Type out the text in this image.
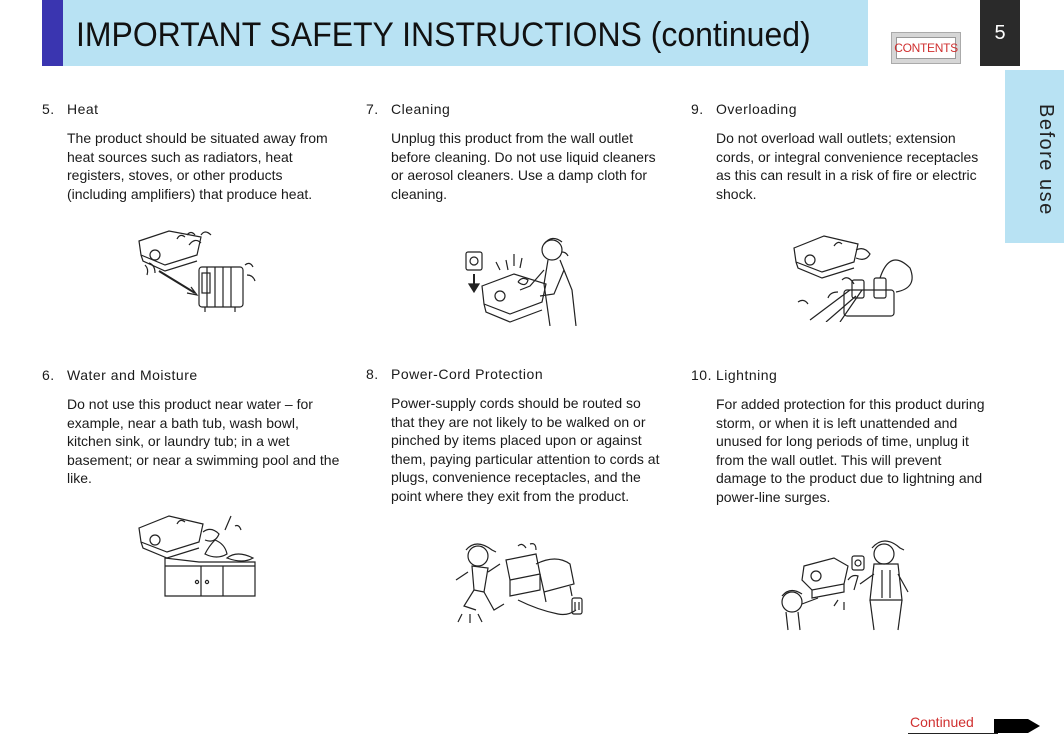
IMPORTANT SAFETY INSTRUCTIONS (continued)	CONTENTS
5
Before use
5. Heat
The product should be situated away from heat sources such as radiators, heat registers, stoves, or other products (including amplifiers) that produce heat.
6. Water and Moisture
Do not use this product near water – for example, near a bath tub, wash bowl, kitchen sink, or laundry tub; in a wet basement; or near a swimming pool and the like.
7. Cleaning
Unplug this product from the wall outlet before cleaning. Do not use liquid cleaners or aerosol cleaners. Use a damp cloth for cleaning.
8. Power-Cord Protection
Power-supply cords should be routed so that they are not likely to be walked on or pinched by items placed upon or against them, paying particular attention to cords at plugs, convenience receptacles, and the point where they exit from the product.
9. Overloading
Do not overload wall outlets; extension cords, or integral convenience receptacles as this can result in a risk of fire or electric shock.
10. Lightning
For added protection for this product during storm, or when it is left unattended and unused for long periods of time, unplug it from the wall outlet. This will prevent damage to the product due to lightning and power-line surges.
Continued
